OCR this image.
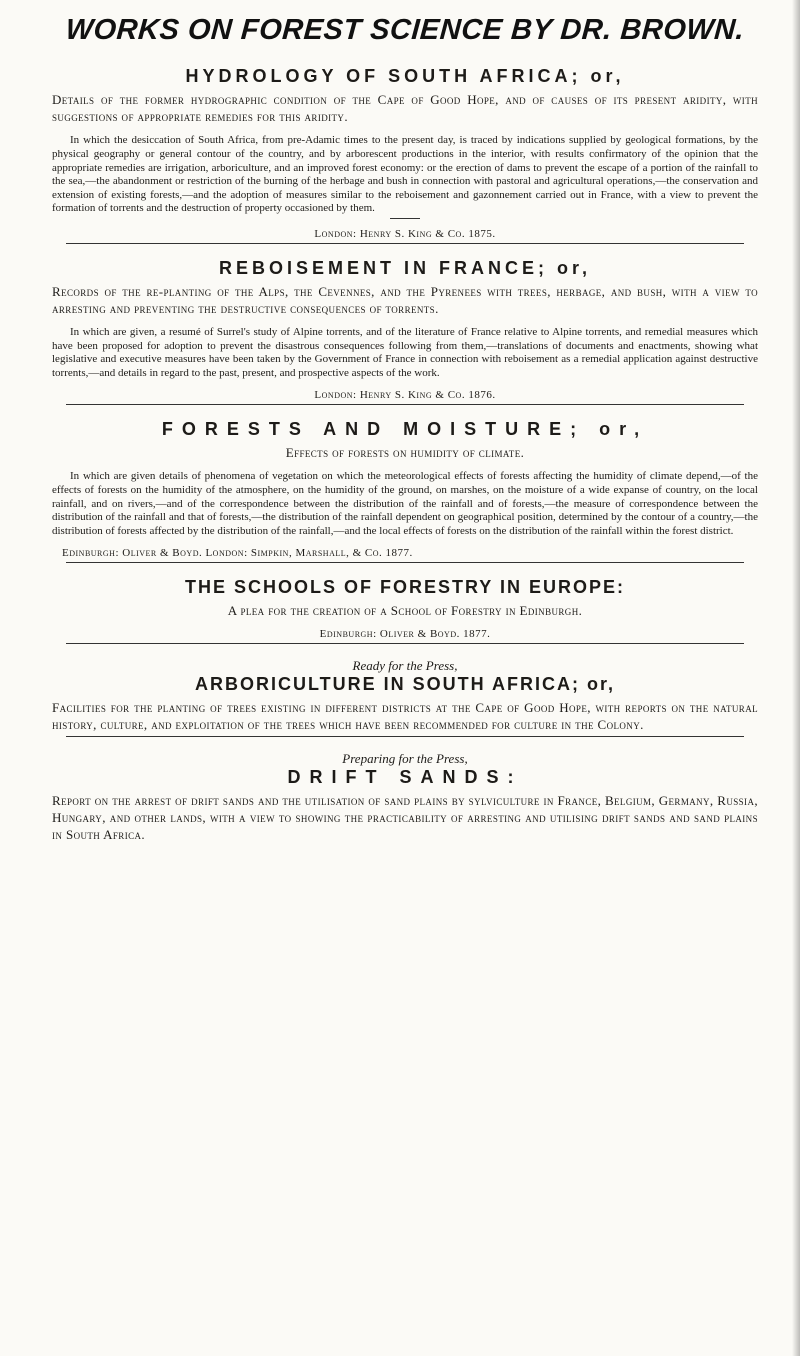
WORKS ON FOREST SCIENCE BY DR. BROWN.
HYDROLOGY OF SOUTH AFRICA; or,

Details of the former hydrographic condition of the Cape of Good Hope, and of causes of its present aridity, with suggestions of appropriate remedies for this aridity.

In which the desiccation of South Africa, from pre-Adamic times to the present day, is traced by indications supplied by geological formations, by the physical geography or general contour of the country, and by arborescent productions in the interior, with results confirmatory of the opinion that the appropriate remedies are irrigation, arboriculture, and an improved forest economy: or the erection of dams to prevent the escape of a portion of the rainfall to the sea,—the abandonment or restriction of the burning of the herbage and bush in connection with pastoral and agricultural operations,—the conservation and extension of existing forests,—and the adoption of measures similar to the reboisement and gazonnement carried out in France, with a view to prevent the formation of torrents and the destruction of property occasioned by them.

London: Henry S. King & Co. 1875.

REBOISEMENT IN FRANCE; or,

Records of the re-planting of the Alps, the Cevennes, and the Pyrenees with trees, herbage, and bush, with a view to arresting and preventing the destructive consequences of torrents.

In which are given, a resumé of Surrel's study of Alpine torrents, and of the literature of France relative to Alpine torrents, and remedial measures which have been proposed for adoption to prevent the disastrous consequences following from them,—translations of documents and enactments, showing what legislative and executive measures have been taken by the Government of France in connection with reboisement as a remedial application against destructive torrents,—and details in regard to the past, present, and prospective aspects of the work.

London: Henry S. King & Co. 1876.

FORESTS AND MOISTURE; or,

Effects of forests on humidity of climate.

In which are given details of phenomena of vegetation on which the meteorological effects of forests affecting the humidity of climate depend,—of the effects of forests on the humidity of the atmosphere, on the humidity of the ground, on marshes, on the moisture of a wide expanse of country, on the local rainfall, and on rivers,—and of the correspondence between the distribution of the rainfall and of forests,—the measure of correspondence between the distribution of the rainfall and that of forests,—the distribution of the rainfall dependent on geographical position, determined by the contour of a country,—the distribution of forests affected by the distribution of the rainfall,—and the local effects of forests on the distribution of the rainfall within the forest district.

Edinburgh: Oliver & Boyd. London: Simpkin, Marshall, & Co. 1877.

THE SCHOOLS OF FORESTRY IN EUROPE:

A plea for the creation of a School of Forestry in Edinburgh.

Edinburgh: Oliver & Boyd. 1877.

Ready for the Press,

ARBORICULTURE IN SOUTH AFRICA; or,

Facilities for the planting of trees existing in different districts at the Cape of Good Hope, with reports on the natural history, culture, and exploitation of the trees which have been recommended for culture in the Colony.

Preparing for the Press,

DRIFT SANDS:

Report on the arrest of drift sands and the utilisation of sand plains by sylviculture in France, Belgium, Germany, Russia, Hungary, and other lands, with a view to showing the practicability of arresting and utilising drift sands and sand plains in South Africa.
